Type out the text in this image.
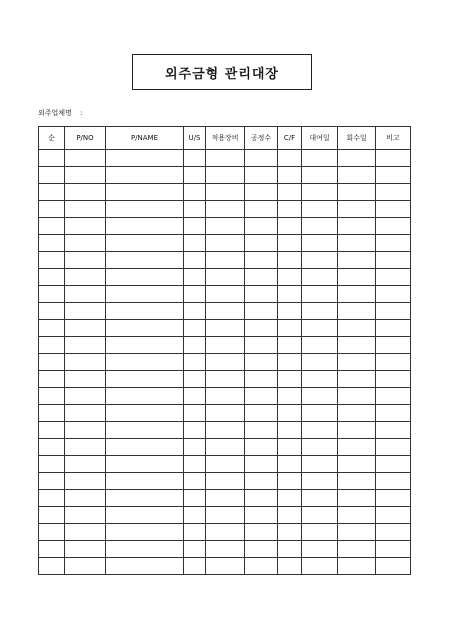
외주금형 관리대장
외주업체명 :
순	P/NO	P/NAME	U/S	적용장비	공정수	C/F	대여일	회수일	비고
